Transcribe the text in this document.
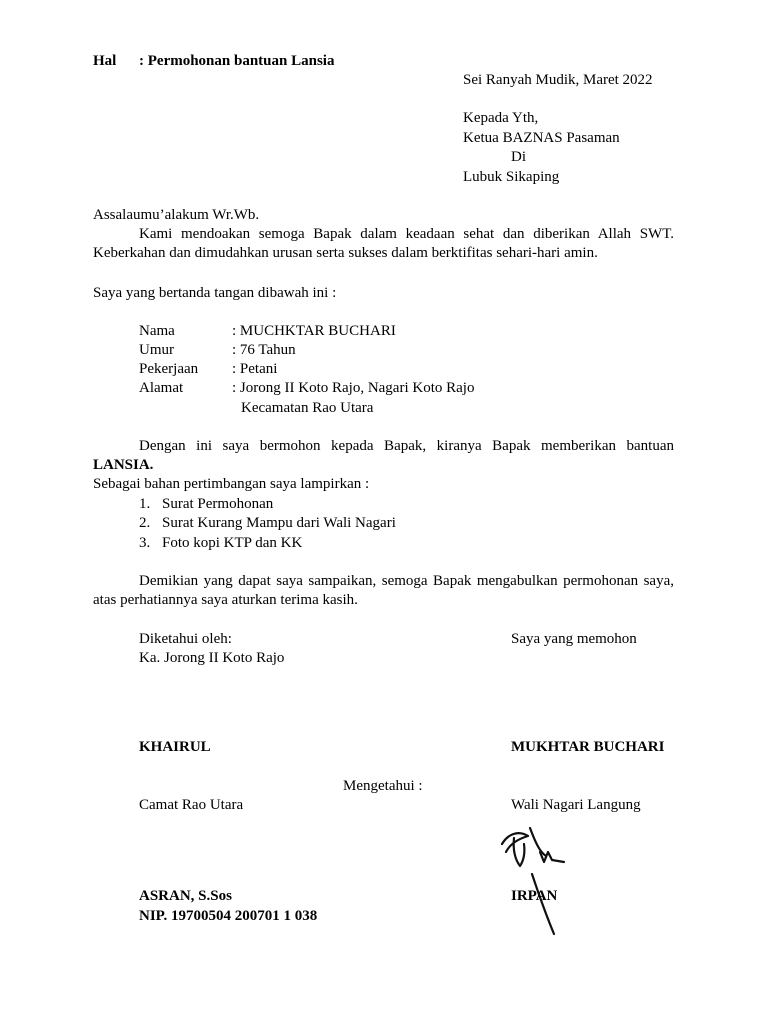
Hal : Permohonan bantuan Lansia
Sei Ranyah Mudik, Maret 2022
Kepada Yth,
Ketua BAZNAS Pasaman
Di
Lubuk Sikaping
Assalaumu’alakum Wr.Wb.
Kami mendoakan semoga Bapak dalam keadaan sehat dan diberikan Allah SWT. Keberkahan dan dimudahkan urusan serta sukses dalam berktifitas sehari-hari amin.
Saya yang bertanda tangan dibawah ini :
Nama	: MUCHKTAR BUCHARI
Umur	: 76 Tahun
Pekerjaan : Petani
Alamat	: Jorong II Koto Rajo, Nagari Koto Rajo
Kecamatan Rao Utara
Dengan ini saya bermohon kepada Bapak, kiranya Bapak memberikan bantuan
LANSIA.
Sebagai bahan pertimbangan saya lampirkan :
1. Surat Permohonan
2. Surat Kurang Mampu dari Wali Nagari
3. Foto kopi KTP dan KK
Demikian yang dapat saya sampaikan, semoga Bapak mengabulkan permohonan saya, atas perhatiannya saya aturkan terima kasih.
Diketahui oleh:	Saya yang memohon
Ka. Jorong II Koto Rajo
KHAIRUL	MUKHTAR BUCHARI
Mengetahui :
Camat Rao Utara	Wali Nagari Langung
ASRAN, S.Sos	IRPAN
NIP. 19700504 200701 1 038
